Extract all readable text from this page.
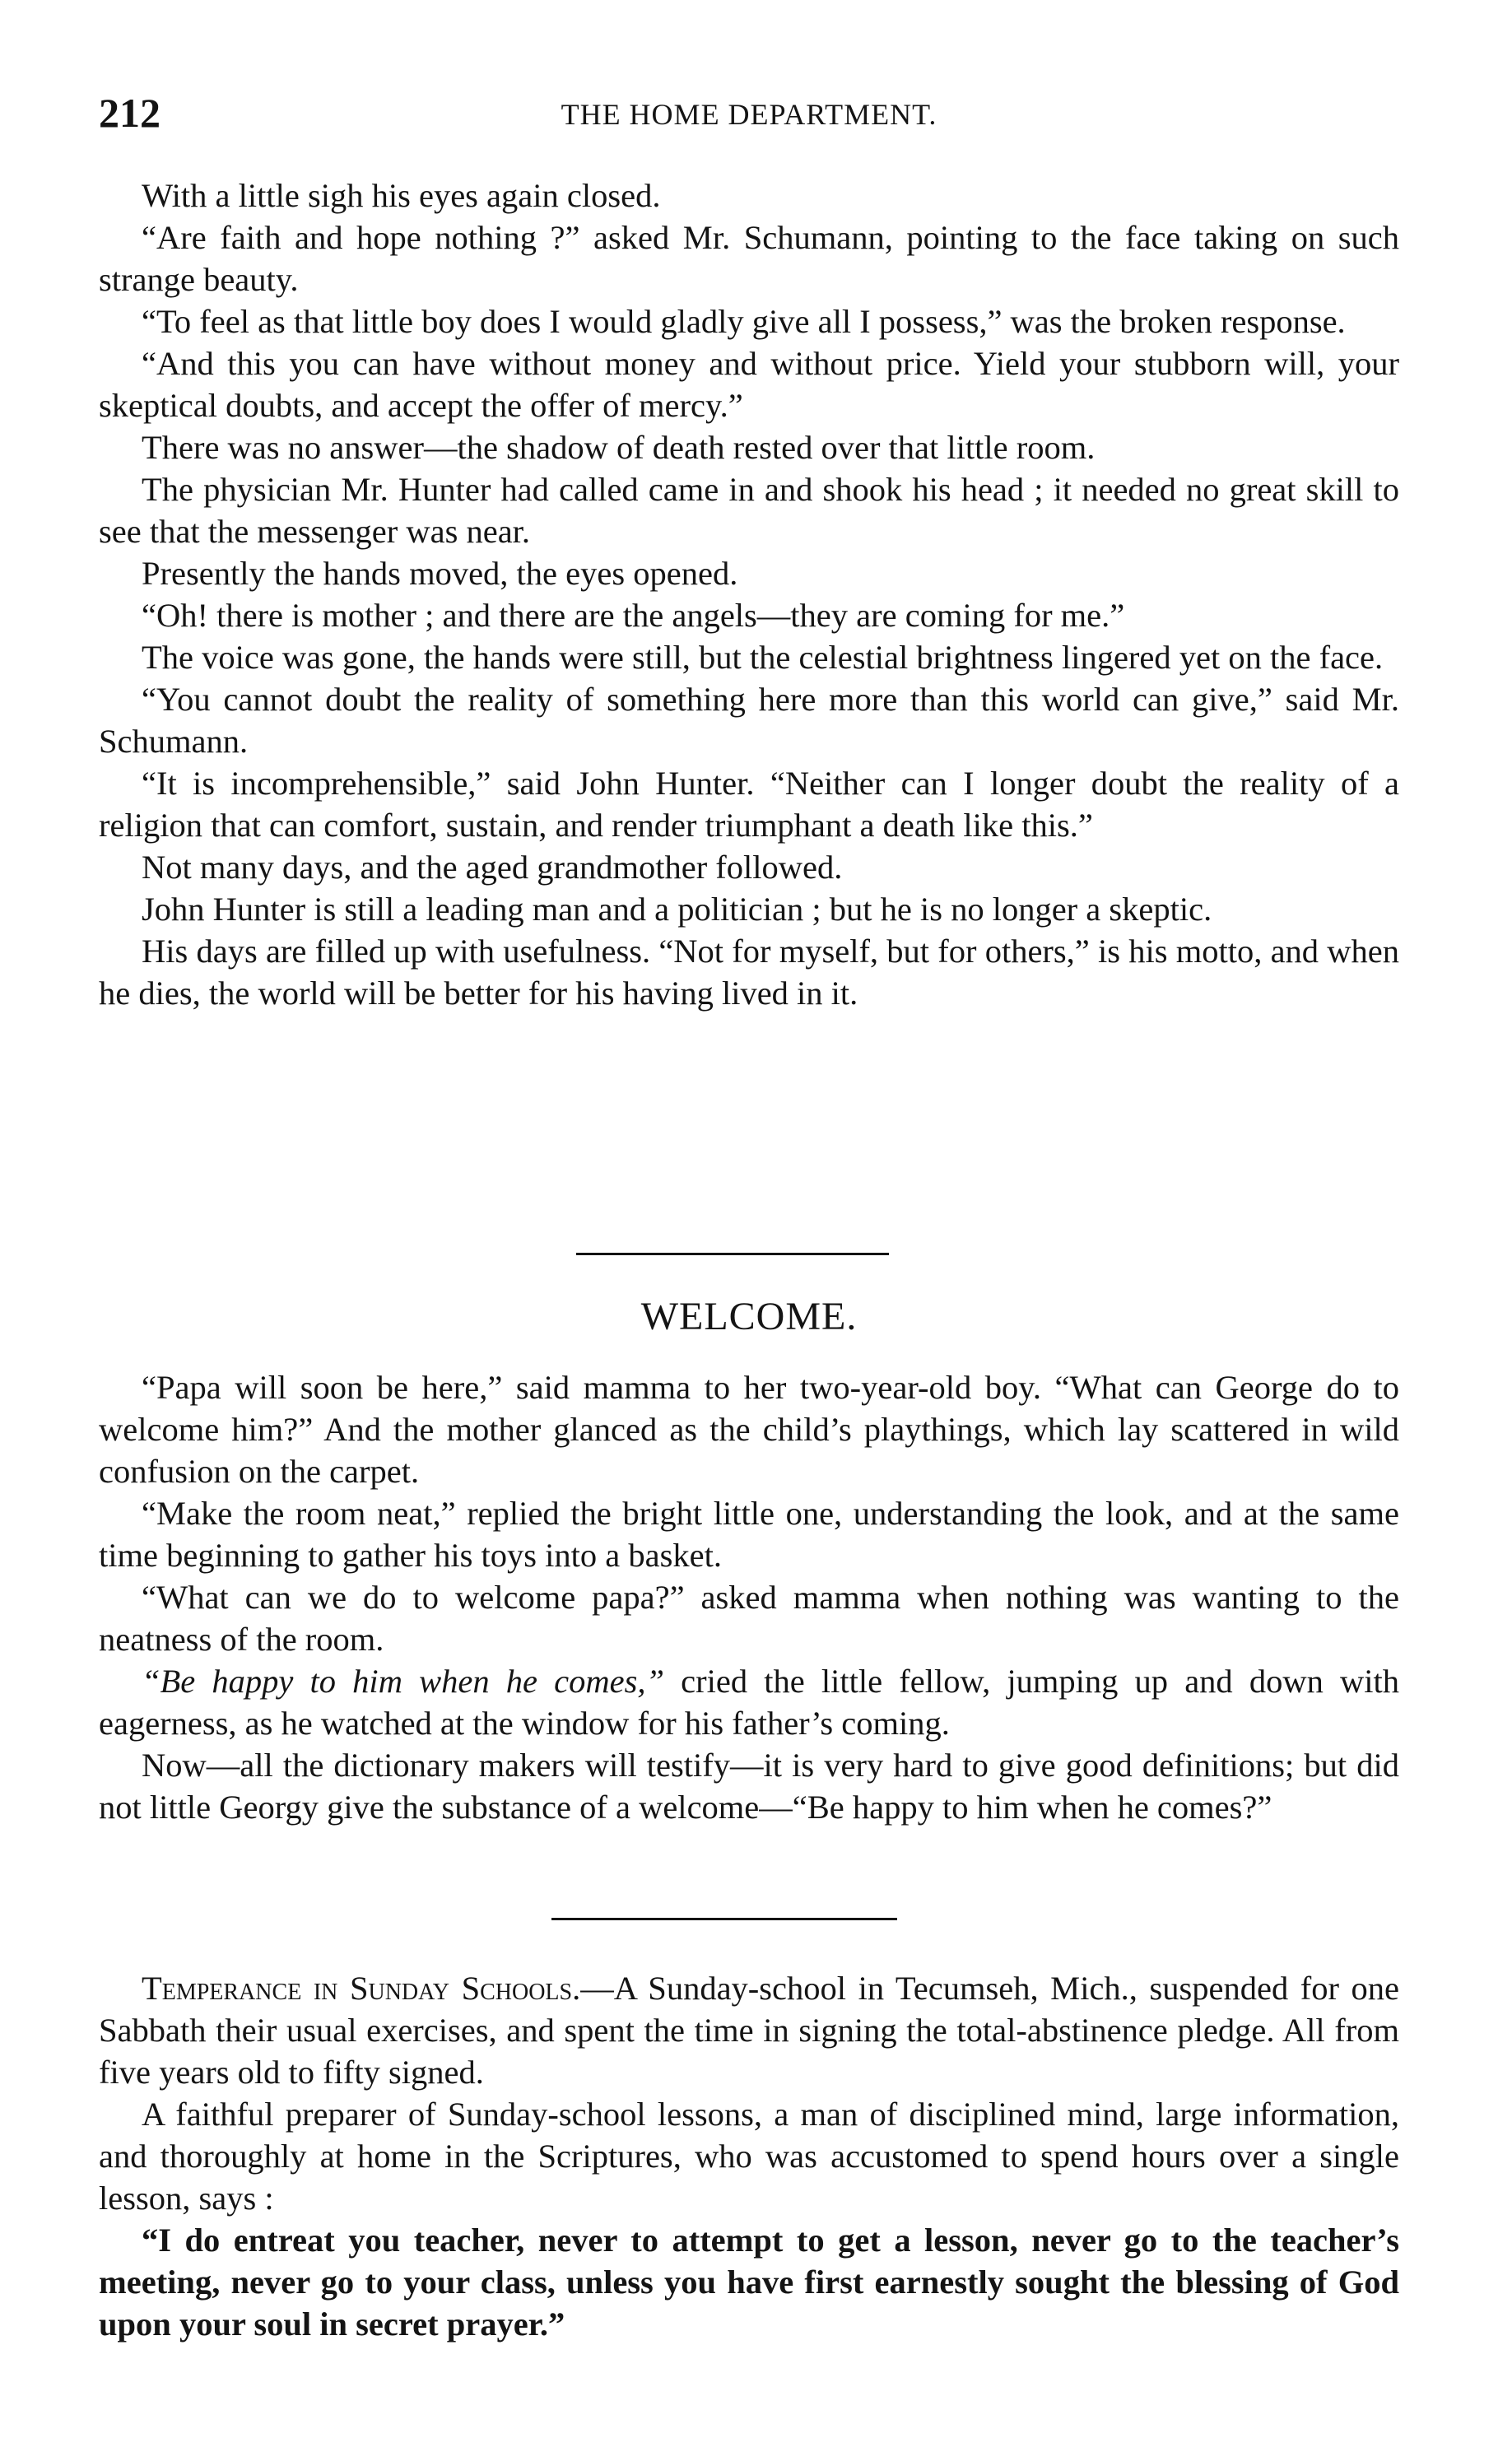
212	THE HOME DEPARTMENT.

With a little sigh his eyes again closed.

“Are faith and hope nothing ?” asked Mr. Schumann, pointing to the face taking on such strange beauty.

“To feel as that little boy does I would gladly give all I possess,” was the broken response.

“And this you can have without money and without price. Yield your stubborn will, your skeptical doubts, and accept the offer of mercy.”

There was no answer—the shadow of death rested over that little room.

The physician Mr. Hunter had called came in and shook his head ; it needed no great skill to see that the messenger was near.

Presently the hands moved, the eyes opened.

“Oh! there is mother ; and there are the angels—they are coming for me.”

The voice was gone, the hands were still, but the celestial brightness lingered yet on the face.

“You cannot doubt the reality of something here more than this world can give,” said Mr. Schumann.

“It is incomprehensible,” said John Hunter. “Neither can I longer doubt the reality of a religion that can comfort, sustain, and render triumphant a death like this.”

Not many days, and the aged grandmother followed.

John Hunter is still a leading man and a politician ; but he is no longer a skeptic.

His days are filled up with usefulness. “Not for myself, but for others,” is his motto, and when he dies, the world will be better for his having lived in it.

WELCOME.

“Papa will soon be here,” said mamma to her two-year-old boy. “What can George do to welcome him?” And the mother glanced as the child’s playthings, which lay scattered in wild confusion on the carpet.

“Make the room neat,” replied the bright little one, understanding the look, and at the same time beginning to gather his toys into a basket.

“What can we do to welcome papa?” asked mamma when nothing was wanting to the neatness of the room.

“Be happy to him when he comes,” cried the little fellow, jumping up and down with eagerness, as he watched at the window for his father’s coming.

Now—all the dictionary makers will testify—it is very hard to give good definitions; but did not little Georgy give the substance of a welcome—“Be happy to him when he comes?”

Temperance in Sunday Schools.—A Sunday-school in Tecumseh, Mich., suspended for one Sabbath their usual exercises, and spent the time in signing the total-abstinence pledge. All from five years old to fifty signed.

A faithful preparer of Sunday-school lessons, a man of disciplined mind, large information, and thoroughly at home in the Scriptures, who was accustomed to spend hours over a single lesson, says :

“I do entreat you teacher, never to attempt to get a lesson, never go to the teacher’s meeting, never go to your class, unless you have first earnestly sought the blessing of God upon your soul in secret prayer.”
